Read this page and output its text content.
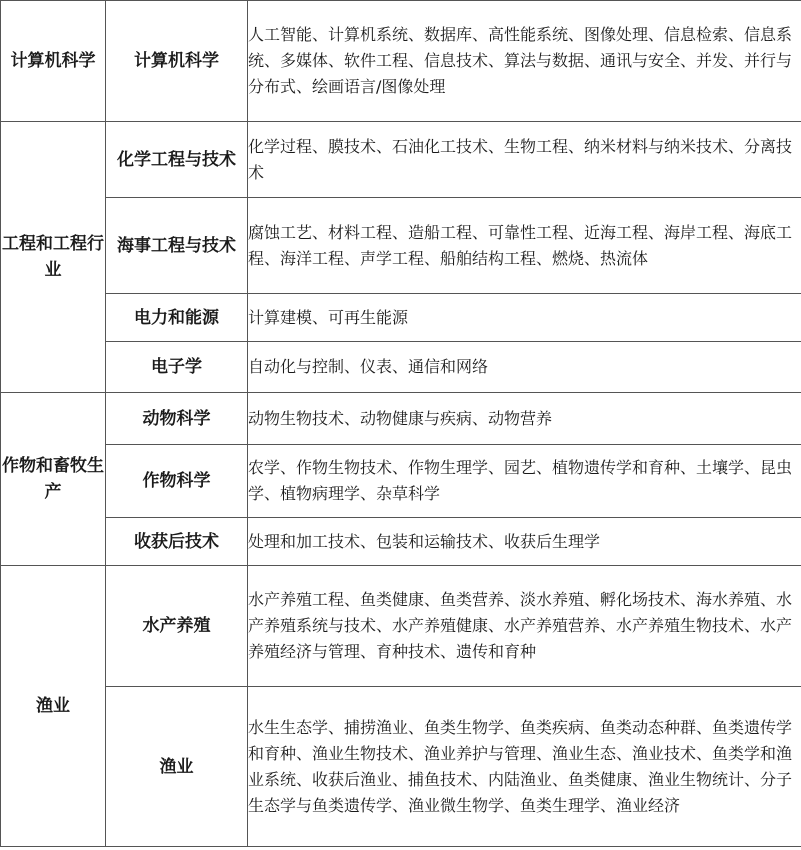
计算机科学	计算机科学	人工智能、计算机系统、数据库、高性能系统、图像处理、信息检索、信息系统、多媒体、软件工程、信息技术、算法与数据、通讯与安全、并发、并行与分布式、绘画语言/图像处理
工程和工程行业	化学工程与技术	化学过程、膜技术、石油化工技术、生物工程、纳米材料与纳米技术、分离技术
	海事工程与技术	腐蚀工艺、材料工程、造船工程、可靠性工程、近海工程、海岸工程、海底工程、海洋工程、声学工程、船舶结构工程、燃烧、热流体
	电力和能源	计算建模、可再生能源
	电子学	自动化与控制、仪表、通信和网络
作物和畜牧生产	动物科学	动物生物技术、动物健康与疾病、动物营养
	作物科学	农学、作物生物技术、作物生理学、园艺、植物遗传学和育种、土壤学、昆虫学、植物病理学、杂草科学
	收获后技术	处理和加工技术、包装和运输技术、收获后生理学
渔业	水产养殖	水产养殖工程、鱼类健康、鱼类营养、淡水养殖、孵化场技术、海水养殖、水产养殖系统与技术、水产养殖健康、水产养殖营养、水产养殖生物技术、水产养殖经济与管理、育种技术、遗传和育种
	渔业	水生生态学、捕捞渔业、鱼类生物学、鱼类疾病、鱼类动态种群、鱼类遗传学和育种、渔业生物技术、渔业养护与管理、渔业生态、渔业技术、鱼类学和渔业系统、收获后渔业、捕鱼技术、内陆渔业、鱼类健康、渔业生物统计、分子生态学与鱼类遗传学、渔业微生物学、鱼类生理学、渔业经济
